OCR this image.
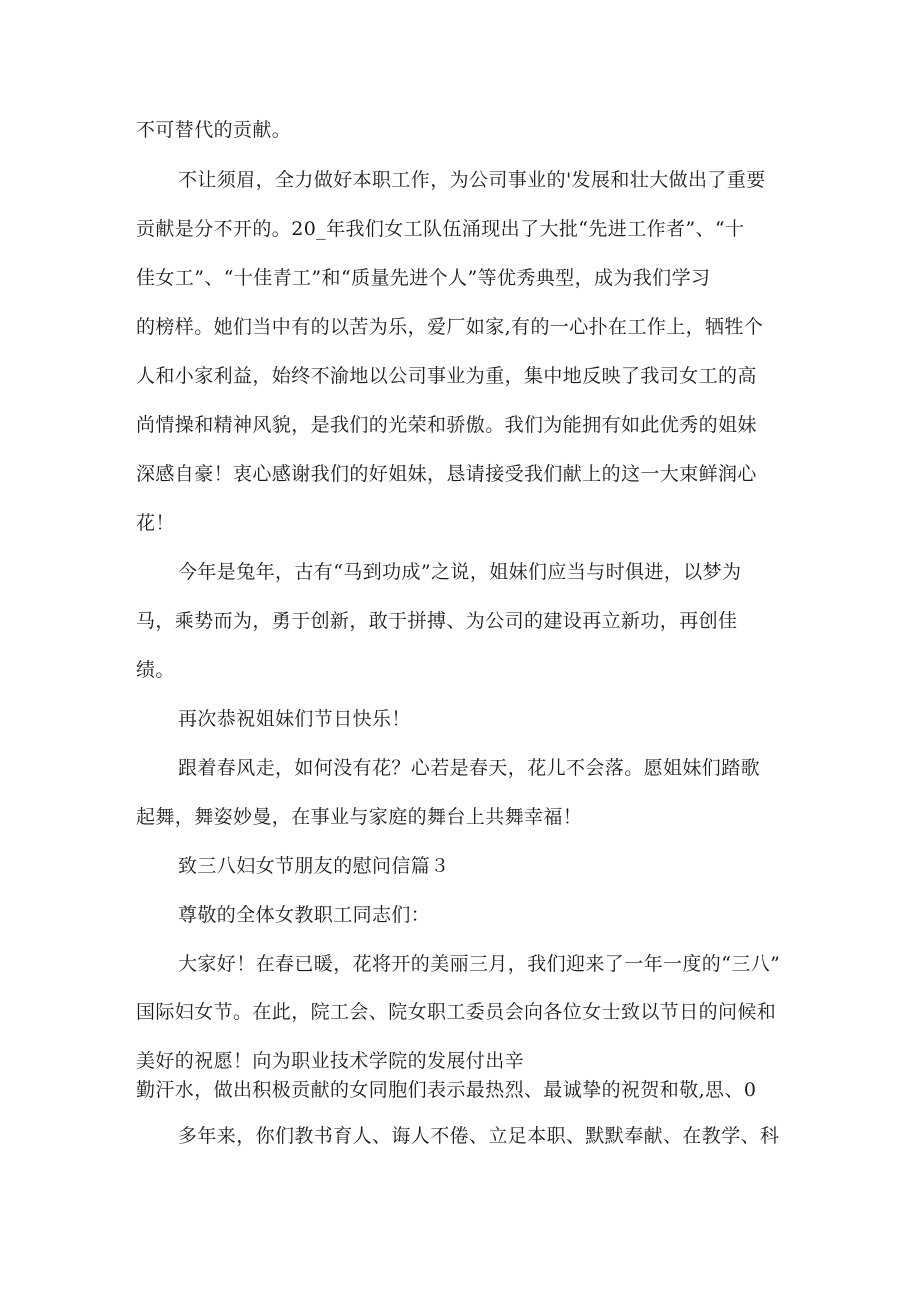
不可替代的贡献。
不让须眉，全力做好本职工作，为公司事业的'发展和壮大做出了重要
贡献是分不开的。20_年我们女工队伍涌现出了大批“先进工作者”、“十
佳女工”、“十佳青工”和“质量先进个人”等优秀典型，成为我们学习
的榜样。她们当中有的以苦为乐，爱厂如家,有的一心扑在工作上，牺牲个
人和小家利益，始终不渝地以公司事业为重，集中地反映了我司女工的高
尚情操和精神风貌，是我们的光荣和骄傲。我们为能拥有如此优秀的姐妹
深感自豪！衷心感谢我们的好姐妹，恳请接受我们献上的这一大束鲜润心
花！
今年是兔年，古有“马到功成”之说，姐妹们应当与时俱进，以梦为
马，乘势而为，勇于创新，敢于拼搏、为公司的建设再立新功，再创佳
绩。
再次恭祝姐妹们节日快乐！
跟着春风走，如何没有花？心若是春天，花儿不会落。愿姐妹们踏歌
起舞，舞姿妙曼，在事业与家庭的舞台上共舞幸福！
致三八妇女节朋友的慰问信篇３
尊敬的全体女教职工同志们：
大家好！在春已暖，花将开的美丽三月，我们迎来了一年一度的“三八”
国际妇女节。在此，院工会、院女职工委员会向各位女士致以节日的问候和
美好的祝愿！向为职业技术学院的发展付出辛
勤汗水，做出积极贡献的女同胞们表示最热烈、最诚挚的祝贺和敬,思、0
多年来，你们教书育人、诲人不倦、立足本职、默默奉献、在教学、科
